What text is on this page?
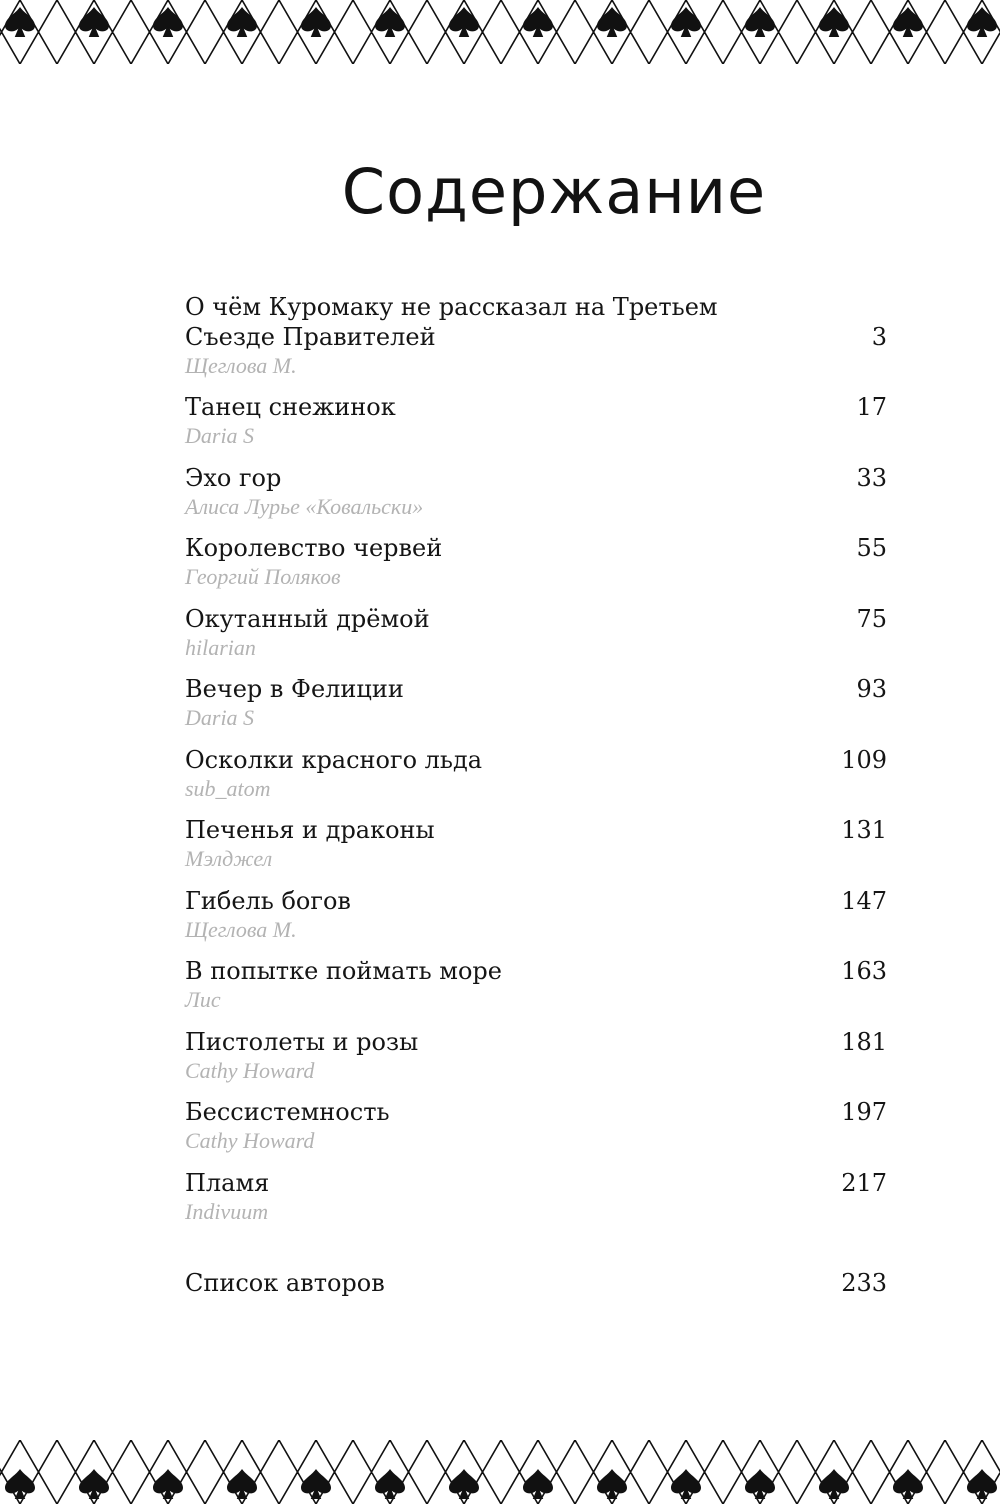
Содержание
О чём Куромаку не рассказал на Третьем Съезде Правителей
Щеглова М.
3
Танец снежинок
Daria S
17
Эхо гор
Алиса Лурье «Ковальски»
33
Королевство червей
Георгий Поляков
55
Окутанный дрёмой
hilarian
75
Вечер в Фелиции
Daria S
93
Осколки красного льда
sub_atom
109
Печенья и драконы
Мэлджел
131
Гибель богов
Щеглова М.
147
В попытке поймать море
Лис
163
Пистолеты и розы
Cathy Howard
181
Бессистемность
Cathy Howard
197
Пламя
Indivuum
217
Список авторов	233
